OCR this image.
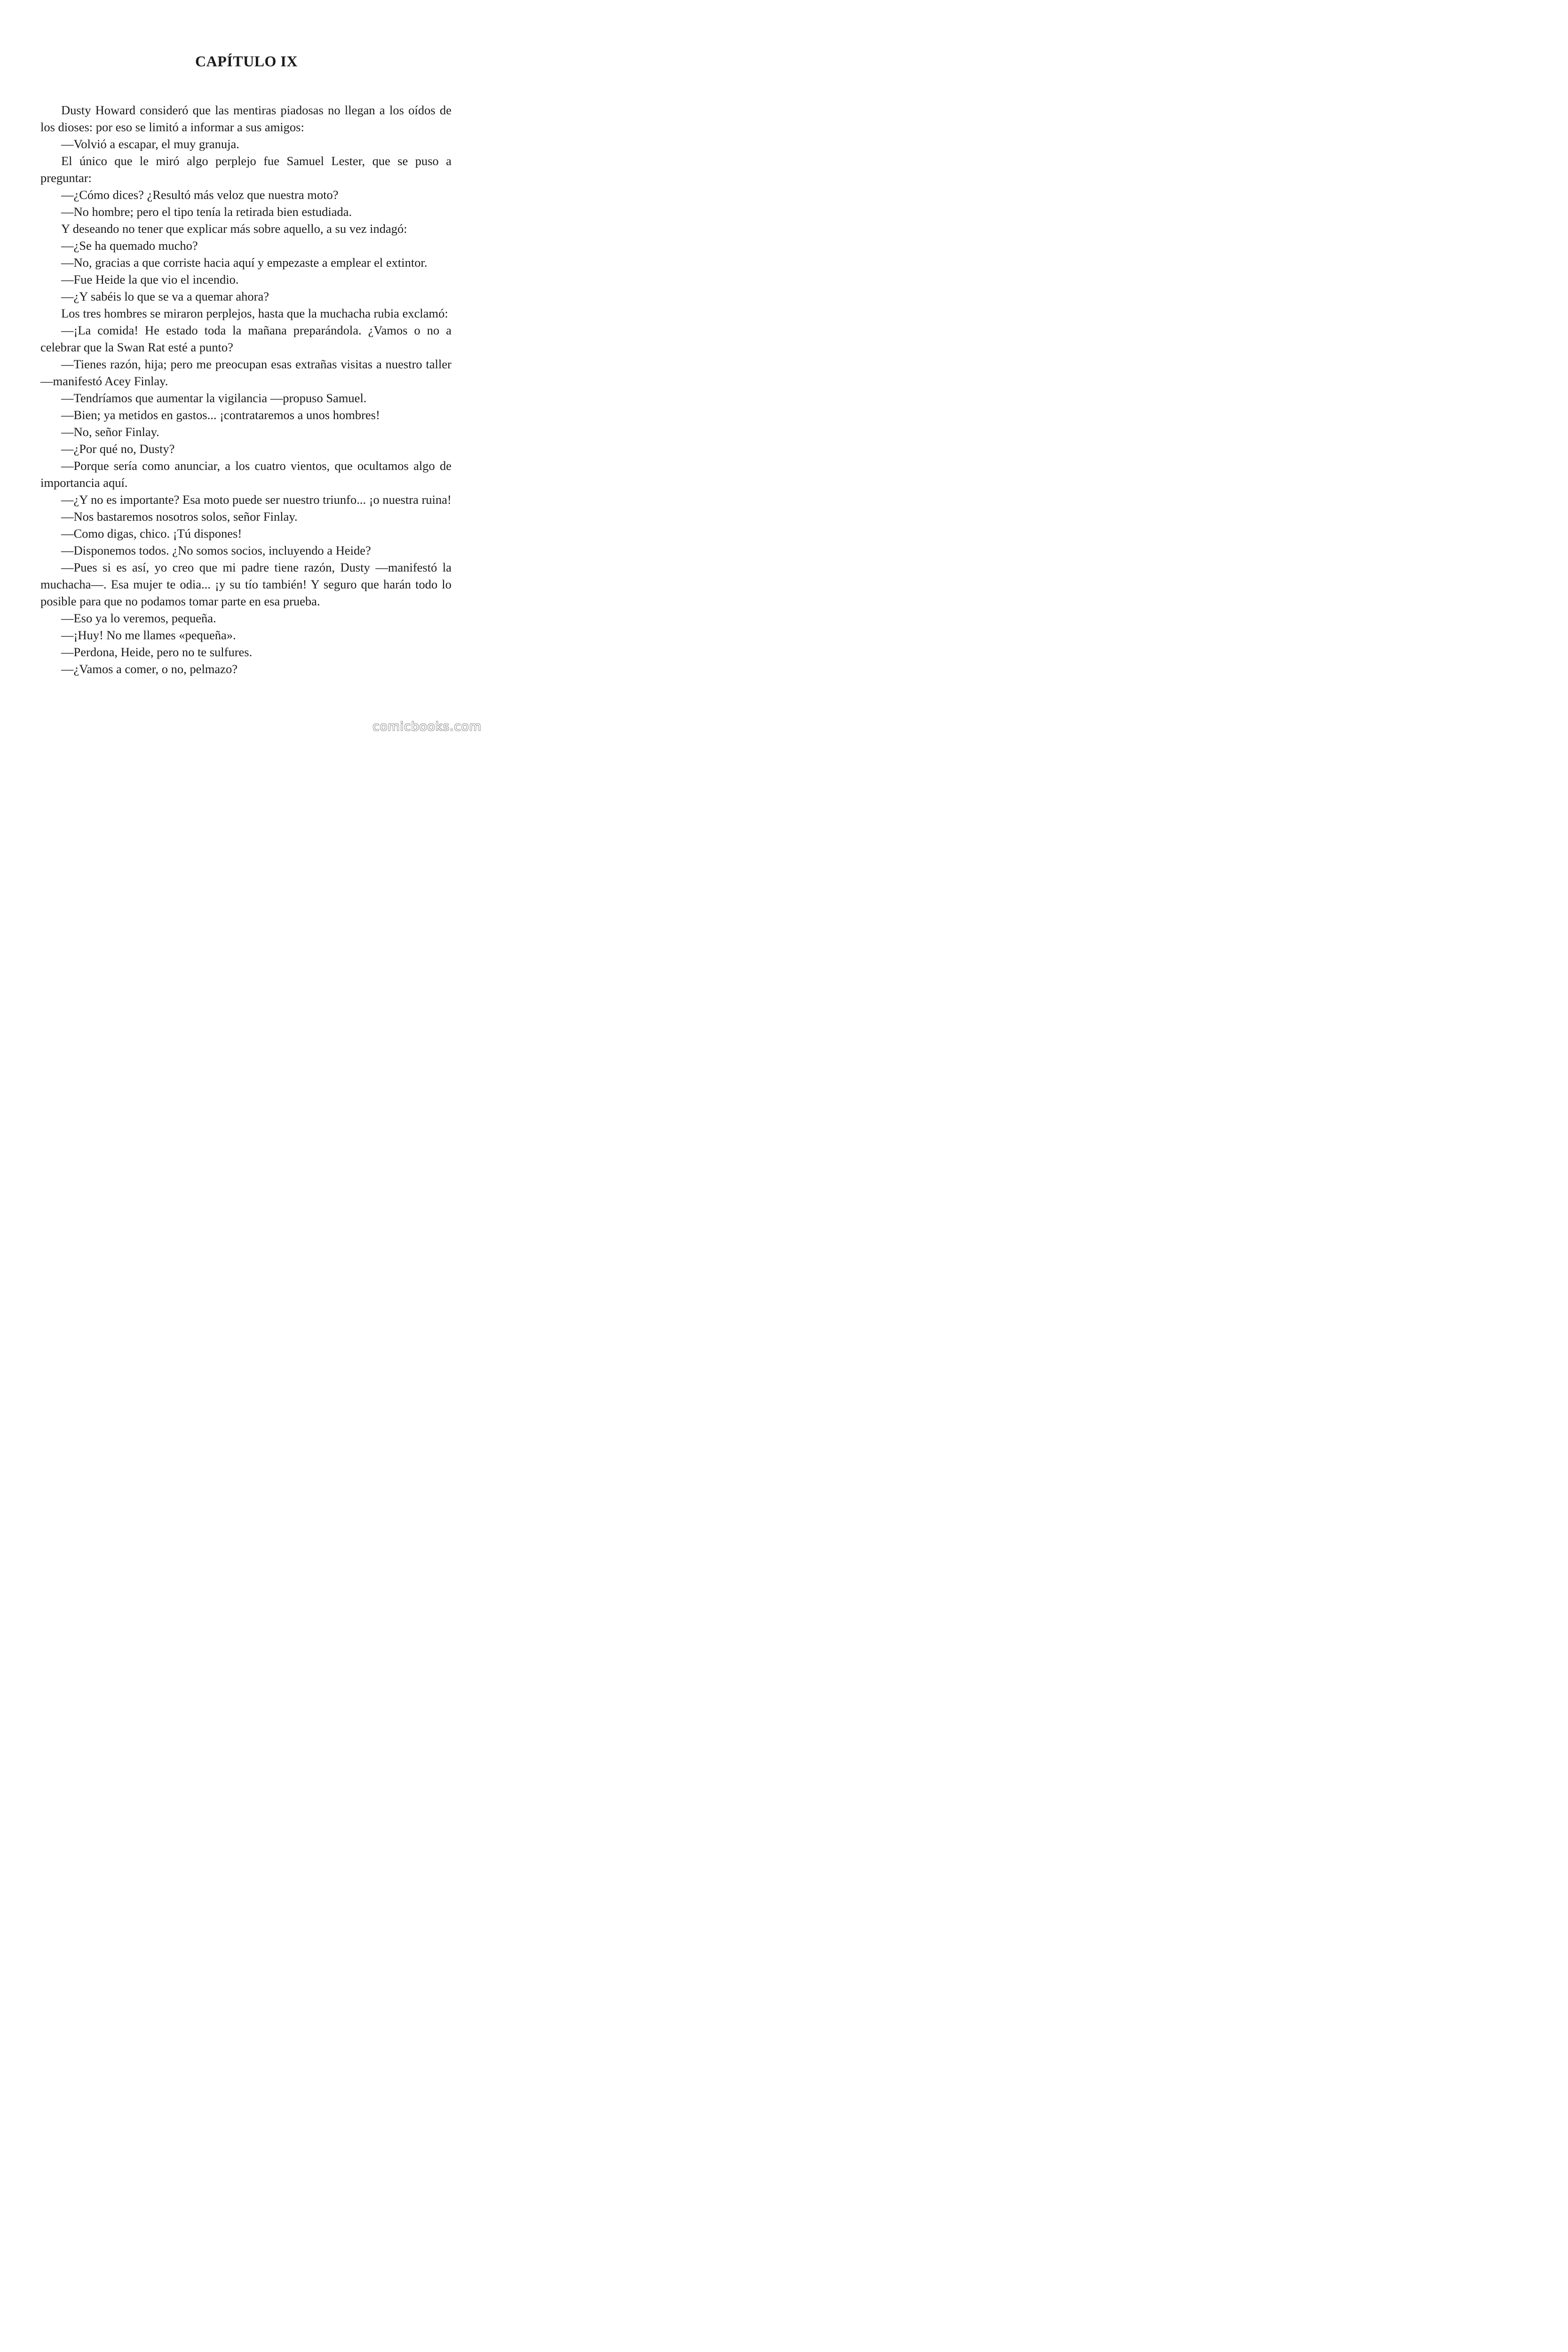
CAPÍTULO IX

Dusty Howard consideró que las mentiras piadosas no llegan a los oídos de los dioses: por eso se limitó a informar a sus amigos:

—Volvió a escapar, el muy granuja.

El único que le miró algo perplejo fue Samuel Lester, que se puso a preguntar:

—¿Cómo dices? ¿Resultó más veloz que nuestra moto?

—No hombre; pero el tipo tenía la retirada bien estudiada.

Y deseando no tener que explicar más sobre aquello, a su vez indagó:

—¿Se ha quemado mucho?

—No, gracias a que corriste hacia aquí y empezaste a emplear el extintor.

—Fue Heide la que vio el incendio.

—¿Y sabéis lo que se va a quemar ahora?

Los tres hombres se miraron perplejos, hasta que la muchacha rubia exclamó:

—¡La comida! He estado toda la mañana preparándola. ¿Vamos o no a celebrar que la Swan Rat esté a punto?

—Tienes razón, hija; pero me preocupan esas extrañas visitas a nuestro taller —manifestó Acey Finlay.

—Tendríamos que aumentar la vigilancia —propuso Samuel.

—Bien; ya metidos en gastos... ¡contrataremos a unos hombres!

—No, señor Finlay.

—¿Por qué no, Dusty?

—Porque sería como anunciar, a los cuatro vientos, que ocultamos algo de importancia aquí.

—¿Y no es importante? Esa moto puede ser nuestro triunfo... ¡o nuestra ruina!

—Nos bastaremos nosotros solos, señor Finlay.

—Como digas, chico. ¡Tú dispones!

—Disponemos todos. ¿No somos socios, incluyendo a Heide?

—Pues si es así, yo creo que mi padre tiene razón, Dusty —manifestó la muchacha—. Esa mujer te odia... ¡y su tío también! Y seguro que harán todo lo posible para que no podamos tomar parte en esa prueba.

—Eso ya lo veremos, pequeña.

—¡Huy! No me llames «pequeña».

—Perdona, Heide, pero no te sulfures.

—¿Vamos a comer, o no, pelmazo?

comicbooks.com
